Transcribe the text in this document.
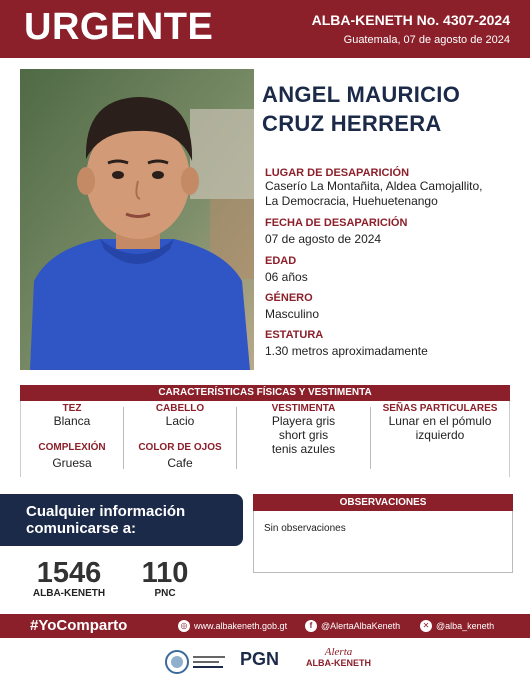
URGENTE	ALBA-KENETH No. 4307-2024
Guatemala, 07 de agosto de 2024
ANGEL MAURICIO
CRUZ HERRERA
LUGAR DE DESAPARICIÓN
Caserío La Montañita, Aldea Camojallito,
La Democracia, Huehuetenango
FECHA DE DESAPARICIÓN
07 de agosto de 2024
EDAD
06 años
GÉNERO
Masculino
ESTATURA
1.30 metros aproximadamente
CARACTERÍSTICAS FÍSICAS Y VESTIMENTA
TEZ
Blanca
COMPLEXIÓN
Gruesa
CABELLO
Lacio
COLOR DE OJOS
Cafe
VESTIMENTA
Playera gris
short gris
tenis azules
SEÑAS PARTICULARES
Lunar en el pómulo
izquierdo
Cualquier información
comunicarse a:
1546
ALBA-KENETH
110
PNC
OBSERVACIONES
Sin observaciones
#YoComparto	◎ www.albakeneth.gob.gt	f @AlertaAlbaKeneth	✕ @alba_keneth
PGN	Alerta
ALBA-KENETH
